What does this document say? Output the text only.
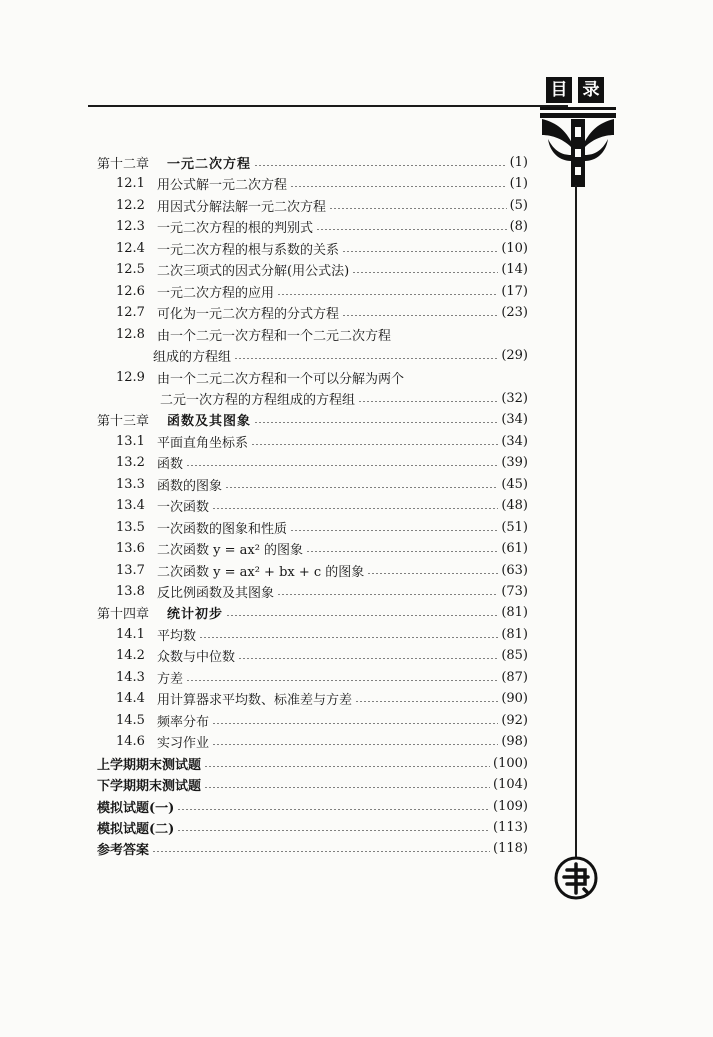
目 录
第十二章	一元二次方程	(1)
12.1 用公式解一元二次方程	(1)
12.2 用因式分解法解一元二次方程	(5)
12.3 一元二次方程的根的判别式	(8)
12.4 一元二次方程的根与系数的关系	(10)
12.5 二次三项式的因式分解(用公式法)	(14)
12.6 一元二次方程的应用	(17)
12.7 可化为一元二次方程的分式方程	(23)
12.8 由一个二元一次方程和一个二元二次方程
组成的方程组	(29)
12.9 由一个二元二次方程和一个可以分解为两个
二元一次方程的方程组成的方程组	(32)
第十三章	函数及其图象	(34)
13.1 平面直角坐标系	(34)
13.2 函数	(39)
13.3 函数的图象	(45)
13.4 一次函数	(48)
13.5 一次函数的图象和性质	(51)
13.6 二次函数 y = ax² 的图象	(61)
13.7 二次函数 y = ax² + bx + c 的图象	(63)
13.8 反比例函数及其图象	(73)
第十四章	统计初步	(81)
14.1 平均数	(81)
14.2 众数与中位数	(85)
14.3 方差	(87)
14.4 用计算器求平均数、标准差与方差	(90)
14.5 频率分布	(92)
14.6 实习作业	(98)
上学期期末测试题	(100)
下学期期末测试题	(104)
模拟试题(一)	(109)
模拟试题(二)	(113)
参考答案	(118)
